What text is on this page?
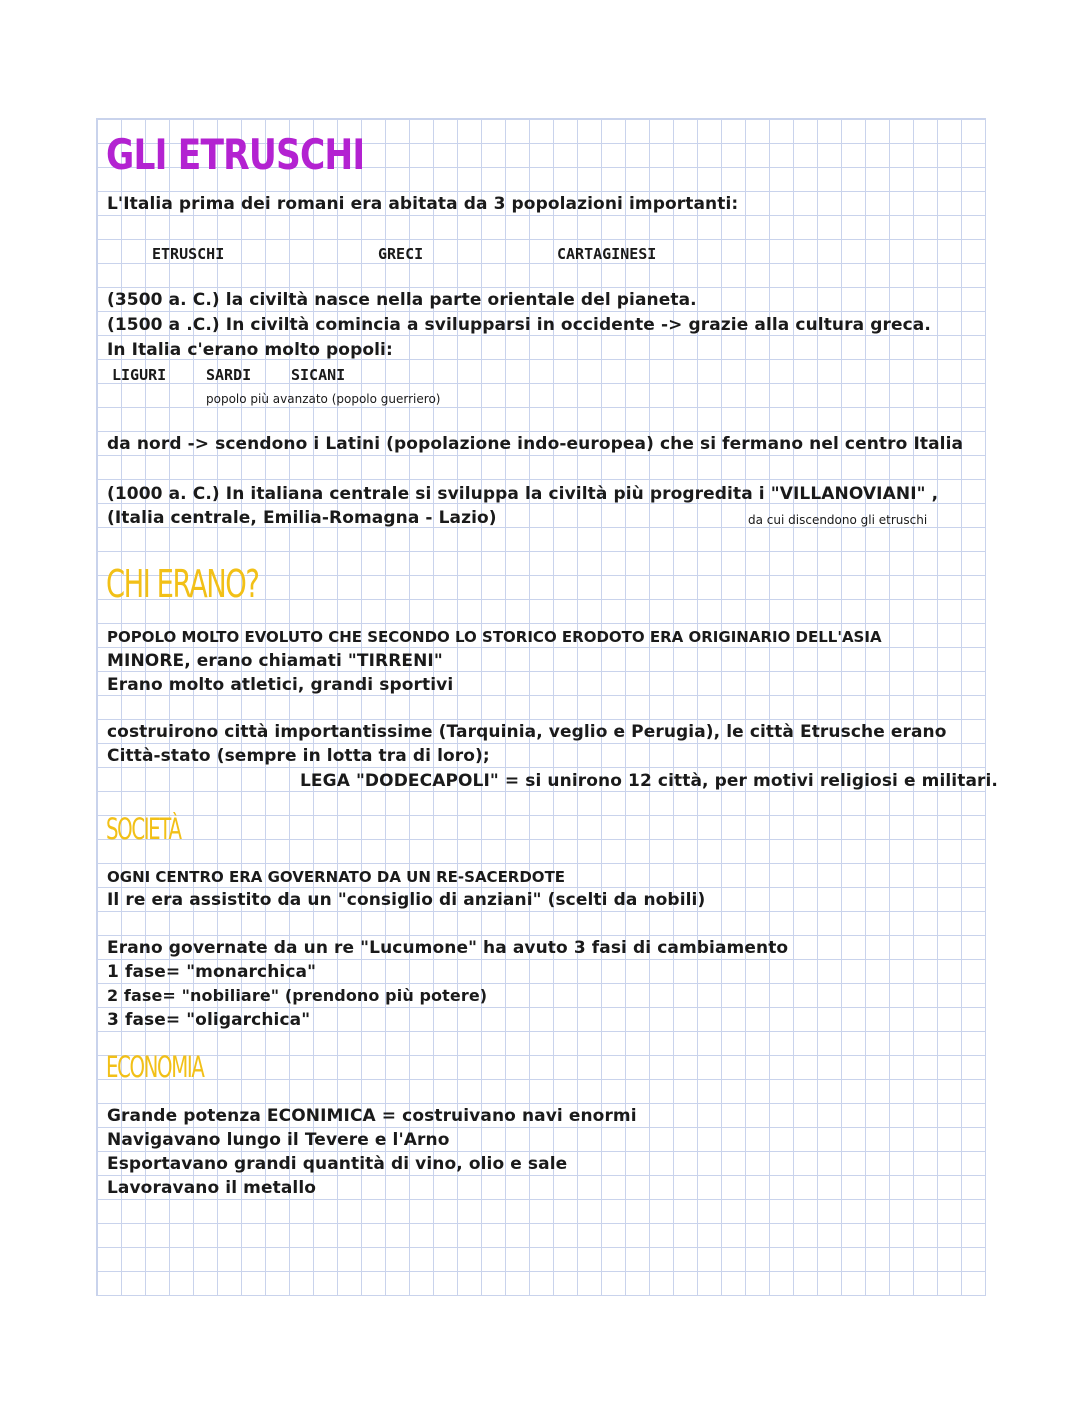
GLI ETRUSCHI
L'Italia prima dei romani era abitata da 3 popolazioni importanti:
ETRUSCHI	GRECI	CARTAGINESI
(3500 a. C.) la civiltà nasce nella parte orientale del pianeta.
(1500 a .C.) In civiltà comincia a svilupparsi in occidente -> grazie alla cultura greca.
In Italia c'erano molto popoli:
LIGURI	SARDI	SICANI
popolo più avanzato (popolo guerriero)
da nord -> scendono i Latini (popolazione indo-europea) che si fermano nel centro Italia
(1000 a. C.) In italiana centrale si sviluppa la civiltà più progredita i "VILLANOVIANI" ,
(Italia centrale, Emilia-Romagna - Lazio)	da cui discendono gli etruschi
CHI ERANO?
POPOLO MOLTO EVOLUTO CHE SECONDO LO STORICO ERODOTO ERA ORIGINARIO DELL'ASIA
MINORE, erano chiamati "TIRRENI"
Erano molto atletici, grandi sportivi
costruirono città importantissime (Tarquinia, veglio e Perugia), le città Etrusche erano
Città-stato (sempre in lotta tra di loro);
LEGA "DODECAPOLI" = si unirono 12 città, per motivi religiosi e militari.
SOCIETÀ
OGNI CENTRO ERA GOVERNATO DA UN RE-SACERDOTE
Il re era assistito da un "consiglio di anziani" (scelti da nobili)
Erano governate da un re "Lucumone" ha avuto 3 fasi di cambiamento
1 fase= "monarchica"
2 fase= "nobiliare" (prendono più potere)
3 fase= "oligarchica"
ECONOMIA
Grande potenza ECONIMICA = costruivano navi enormi
Navigavano lungo il Tevere e l'Arno
Esportavano grandi quantità di vino, olio e sale
Lavoravano il metallo
